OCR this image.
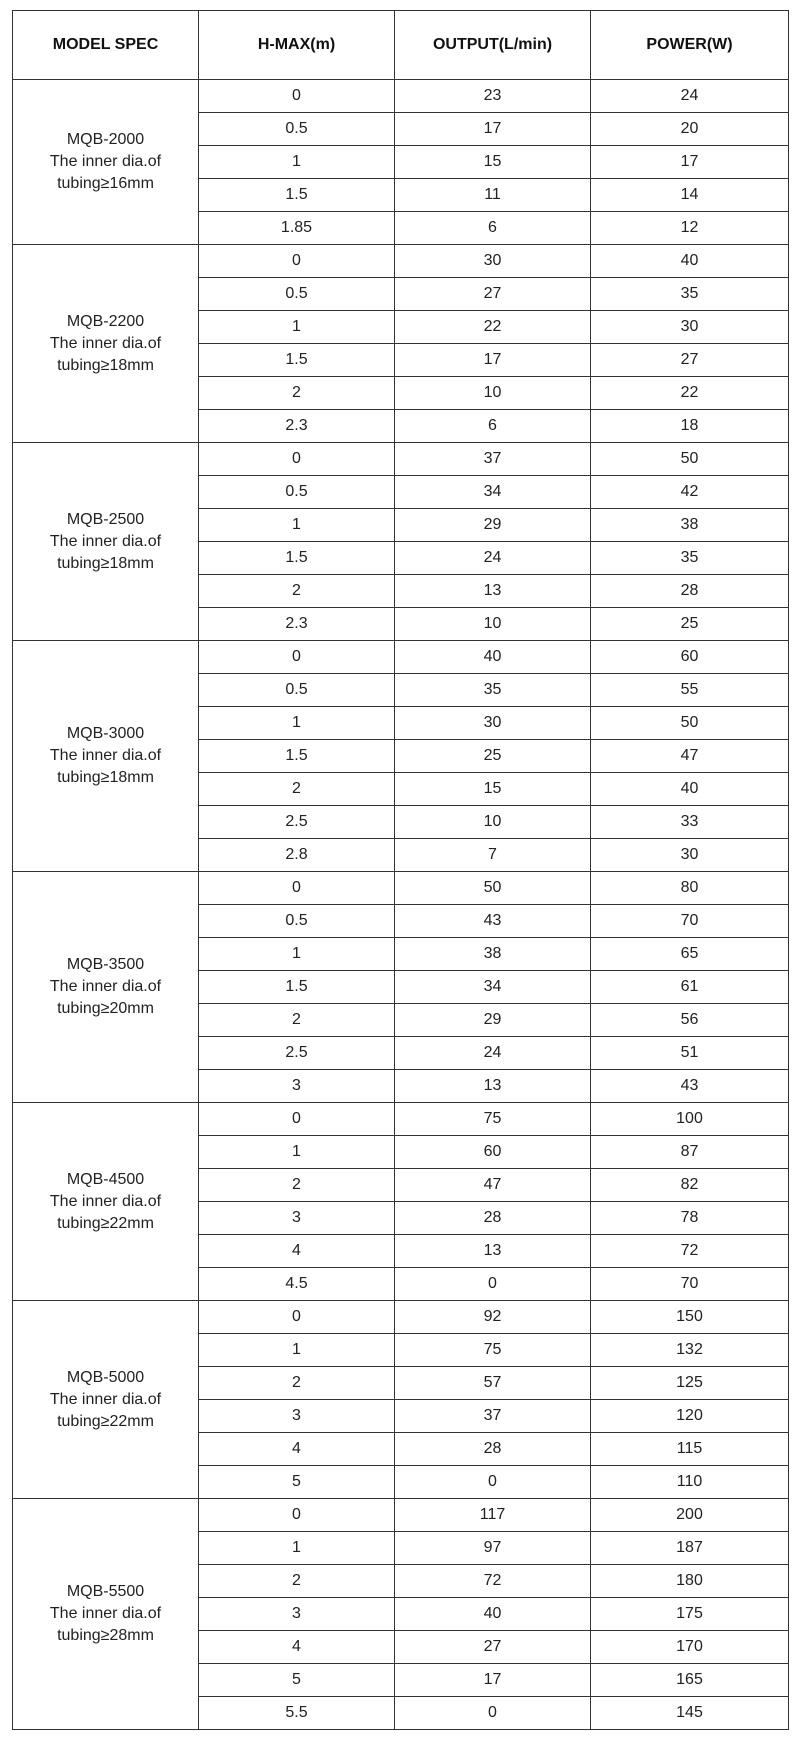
MODEL SPEC	H-MAX(m)	OUTPUT(L/min)	POWER(W)

MQB-2000
The inner dia.of
tubing≥16mm	0	23	24
	0.5	17	20
	1	15	17
	1.5	11	14
	1.85	6	12

MQB-2200
The inner dia.of
tubing≥18mm	0	30	40
	0.5	27	35
	1	22	30
	1.5	17	27
	2	10	22
	2.3	6	18

MQB-2500
The inner dia.of
tubing≥18mm	0	37	50
	0.5	34	42
	1	29	38
	1.5	24	35
	2	13	28
	2.3	10	25

MQB-3000
The inner dia.of
tubing≥18mm	0	40	60
	0.5	35	55
	1	30	50
	1.5	25	47
	2	15	40
	2.5	10	33
	2.8	7	30

MQB-3500
The inner dia.of
tubing≥20mm	0	50	80
	0.5	43	70
	1	38	65
	1.5	34	61
	2	29	56
	2.5	24	51
	3	13	43

MQB-4500
The inner dia.of
tubing≥22mm	0	75	100
	1	60	87
	2	47	82
	3	28	78
	4	13	72
	4.5	0	70

MQB-5000
The inner dia.of
tubing≥22mm	0	92	150
	1	75	132
	2	57	125
	3	37	120
	4	28	115
	5	0	110

MQB-5500
The inner dia.of
tubing≥28mm	0	117	200
	1	97	187
	2	72	180
	3	40	175
	4	27	170
	5	17	165
	5.5	0	145
